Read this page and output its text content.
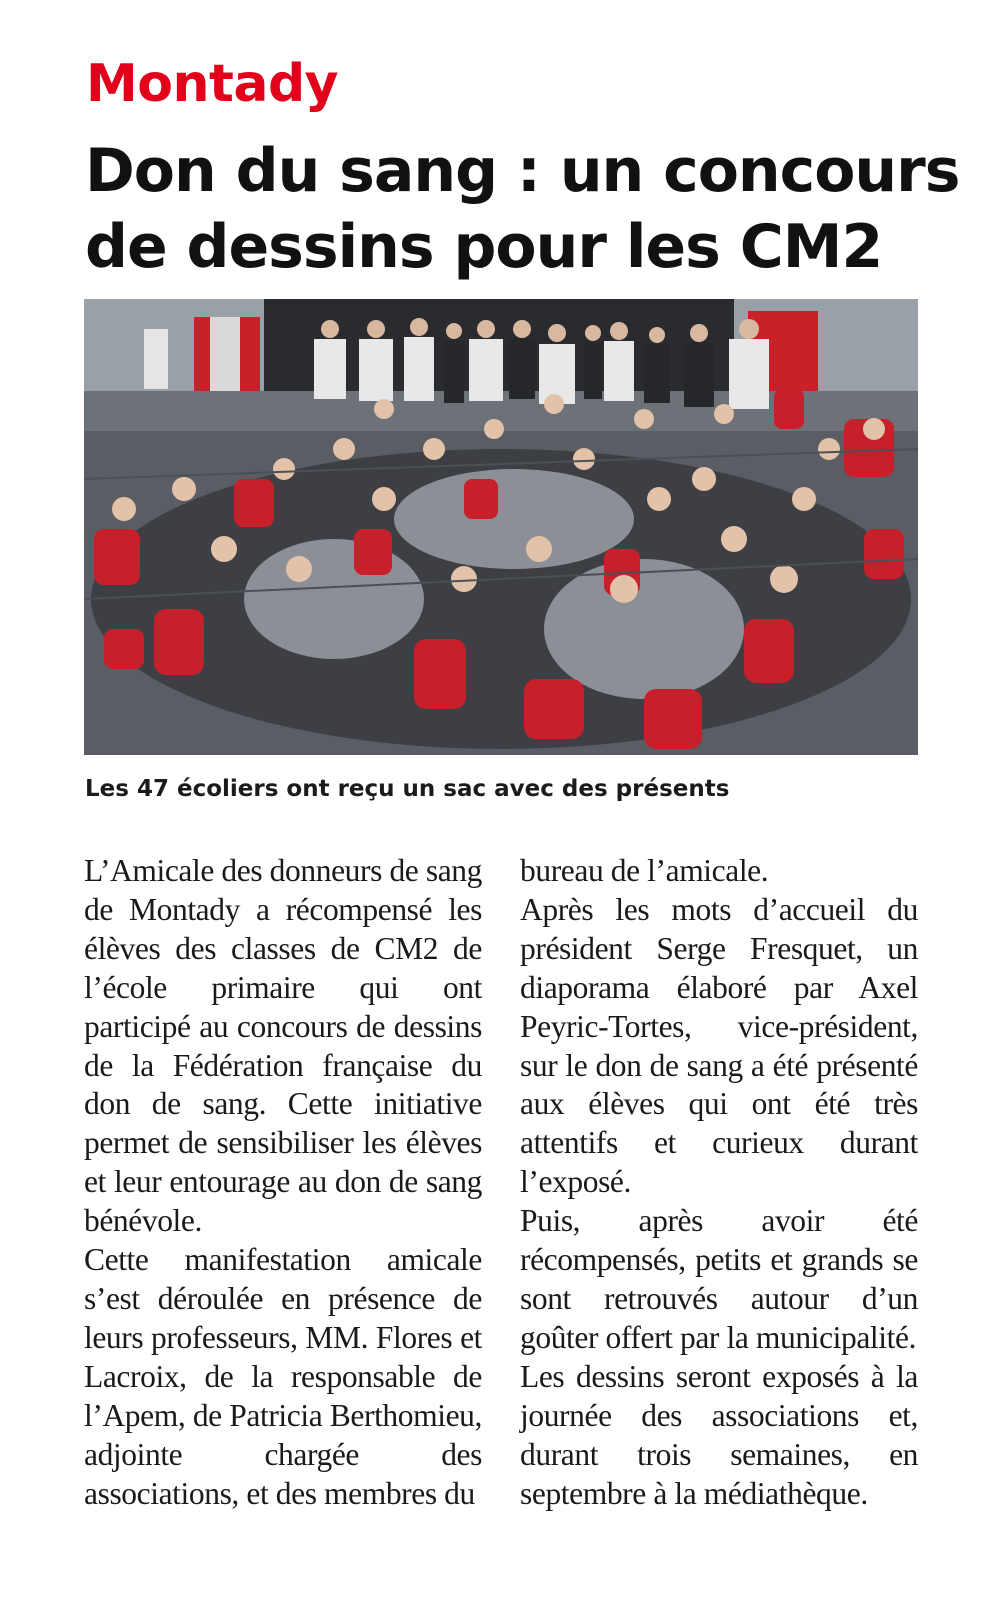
Montady
Don du sang : un concours de dessins pour les CM2
Les 47 écoliers ont reçu un sac avec des présents

L’Amicale des donneurs de sang de Montady a récompensé les élèves des classes de CM2 de l’école primaire qui ont participé au concours de dessins de la Fédération française du don de sang. Cette initiative permet de sensibiliser les élèves et leur entourage au don de sang bénévole.

Cette manifestation amicale s’est déroulée en présence de leurs professeurs, MM. Flores et Lacroix, de la responsable de l’Apem, de Patricia Berthomieu, adjointe chargée des associations, et des membres du

bureau de l’amicale.

Après les mots d’accueil du président Serge Fresquet, un diaporama élaboré par Axel Peyric-Tortes, vice-président, sur le don de sang a été présenté aux élèves qui ont été très attentifs et curieux durant l’exposé.

Puis, après avoir été récompensés, petits et grands se sont retrouvés autour d’un goûter offert par la municipalité.

Les dessins seront exposés à la journée des associations et, durant trois semaines, en septembre à la médiathèque.
